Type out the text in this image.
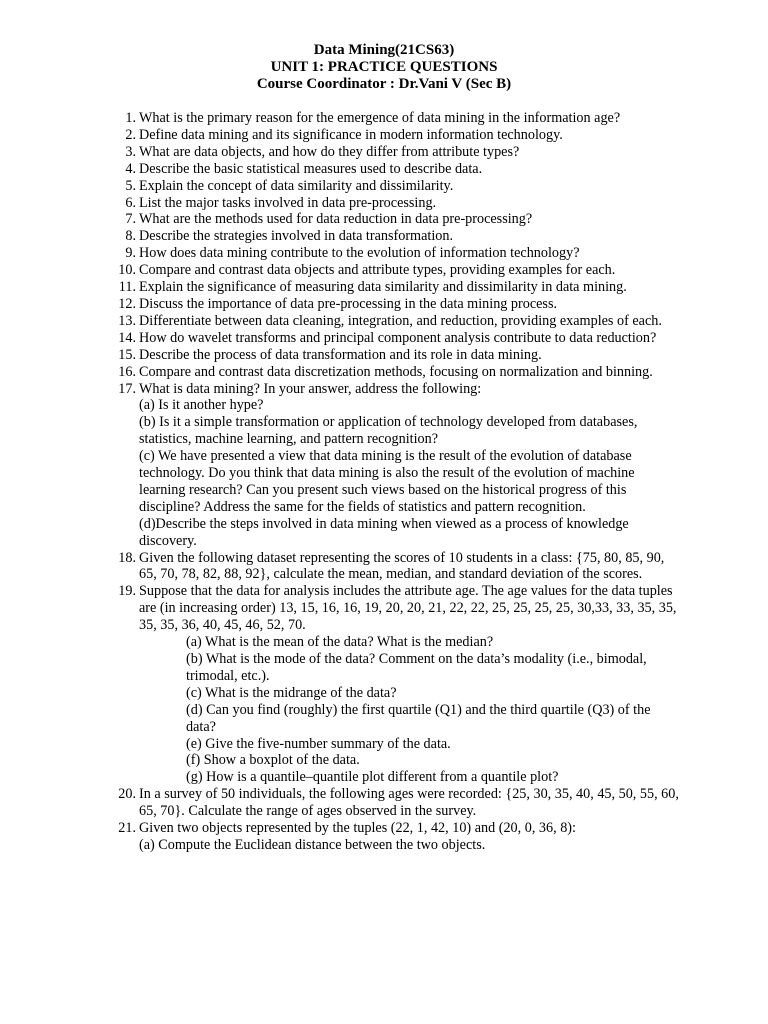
Data Mining(21CS63)
UNIT 1: PRACTICE QUESTIONS
Course Coordinator : Dr.Vani V (Sec B)
1. What is the primary reason for the emergence of data mining in the information age?
2. Define data mining and its significance in modern information technology.
3. What are data objects, and how do they differ from attribute types?
4. Describe the basic statistical measures used to describe data.
5. Explain the concept of data similarity and dissimilarity.
6. List the major tasks involved in data pre-processing.
7. What are the methods used for data reduction in data pre-processing?
8. Describe the strategies involved in data transformation.
9. How does data mining contribute to the evolution of information technology?
10. Compare and contrast data objects and attribute types, providing examples for each.
11. Explain the significance of measuring data similarity and dissimilarity in data mining.
12. Discuss the importance of data pre-processing in the data mining process.
13. Differentiate between data cleaning, integration, and reduction, providing examples of each.
14. How do wavelet transforms and principal component analysis contribute to data reduction?
15. Describe the process of data transformation and its role in data mining.
16. Compare and contrast data discretization methods, focusing on normalization and binning.
17. What is data mining? In your answer, address the following:
(a) Is it another hype?
(b) Is it a simple transformation or application of technology developed from databases, statistics, machine learning, and pattern recognition?
(c) We have presented a view that data mining is the result of the evolution of database technology. Do you think that data mining is also the result of the evolution of machine learning research? Can you present such views based on the historical progress of this discipline? Address the same for the fields of statistics and pattern recognition.
(d)Describe the steps involved in data mining when viewed as a process of knowledge discovery.
18. Given the following dataset representing the scores of 10 students in a class: {75, 80, 85, 90, 65, 70, 78, 82, 88, 92}, calculate the mean, median, and standard deviation of the scores.
19. Suppose that the data for analysis includes the attribute age. The age values for the data tuples are (in increasing order) 13, 15, 16, 16, 19, 20, 20, 21, 22, 22, 25, 25, 25, 25, 30,33, 33, 35, 35, 35, 35, 36, 40, 45, 46, 52, 70.
(a) What is the mean of the data? What is the median?
(b) What is the mode of the data? Comment on the data’s modality (i.e., bimodal, trimodal, etc.).
(c) What is the midrange of the data?
(d) Can you find (roughly) the first quartile (Q1) and the third quartile (Q3) of the data?
(e) Give the five-number summary of the data.
(f) Show a boxplot of the data.
(g) How is a quantile–quantile plot different from a quantile plot?
20. In a survey of 50 individuals, the following ages were recorded: {25, 30, 35, 40, 45, 50, 55, 60, 65, 70}. Calculate the range of ages observed in the survey.
21. Given two objects represented by the tuples (22, 1, 42, 10) and (20, 0, 36, 8):
(a) Compute the Euclidean distance between the two objects.
